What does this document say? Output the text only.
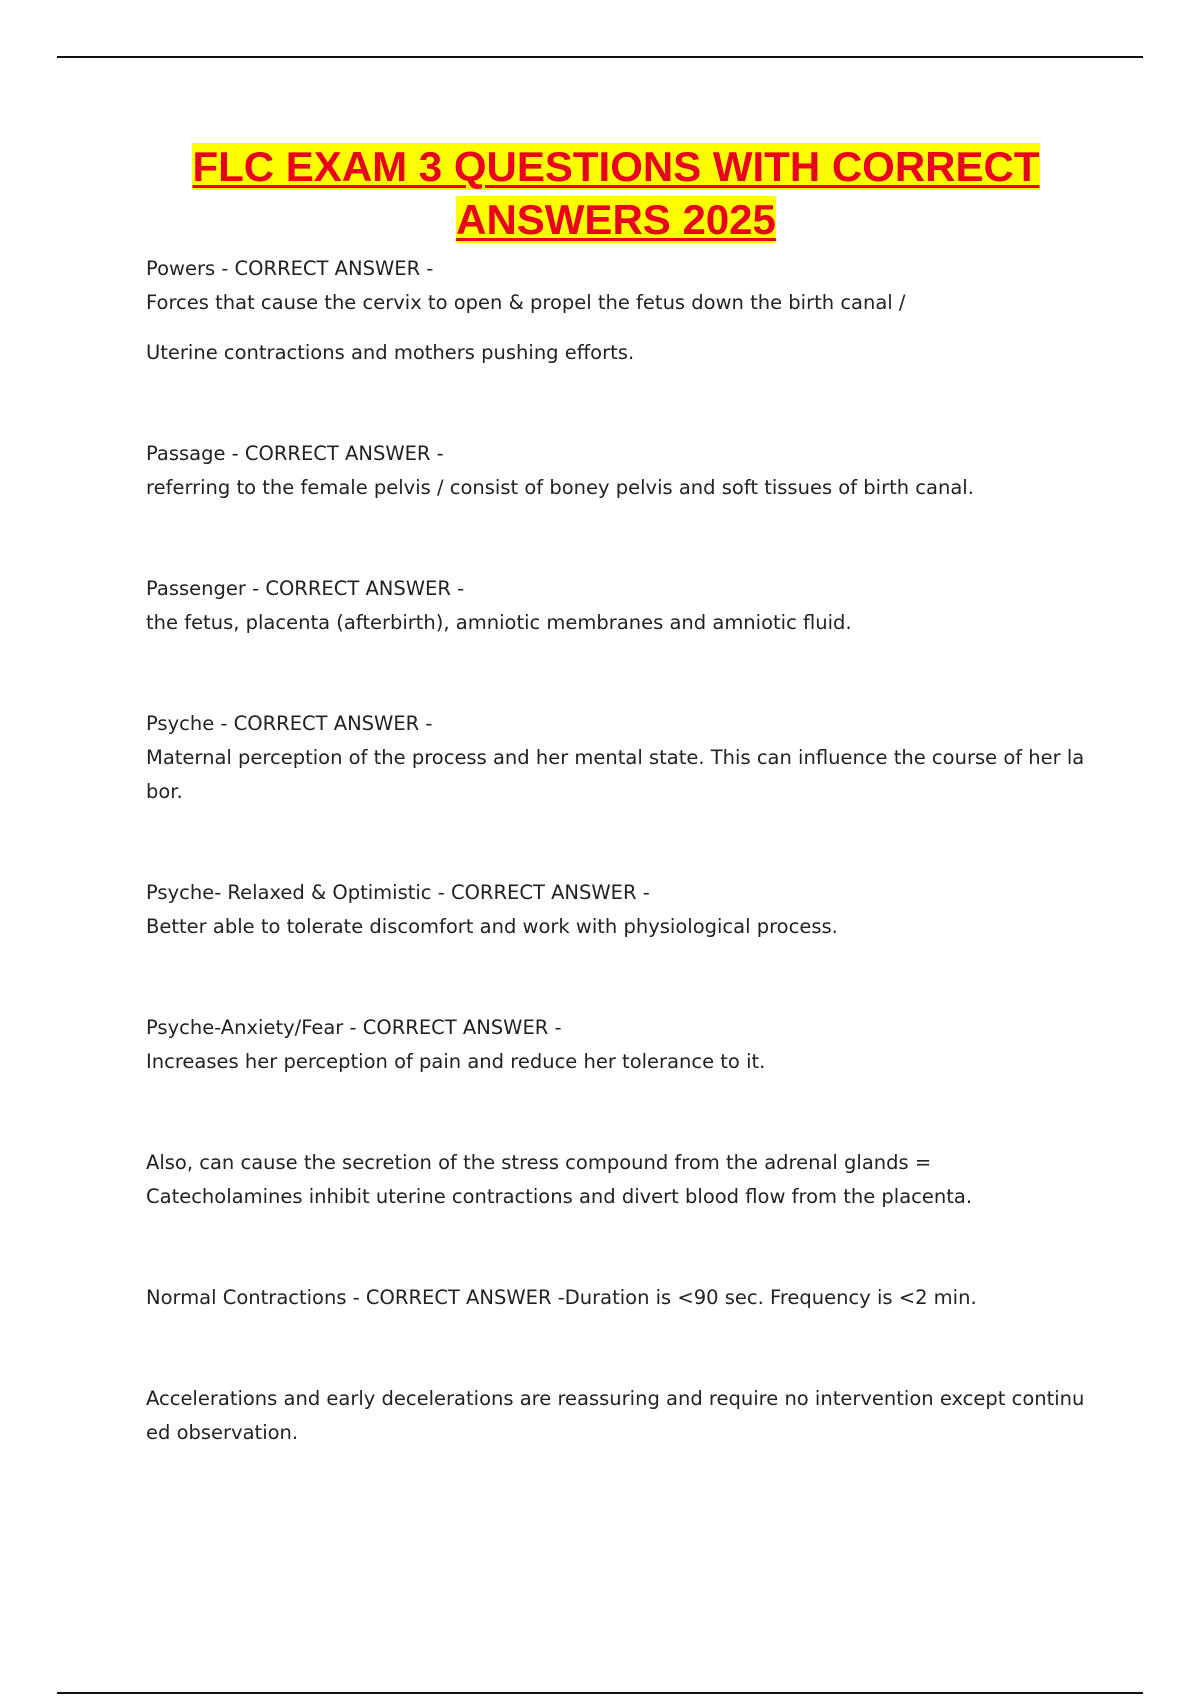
FLC EXAM 3 QUESTIONS WITH CORRECT ANSWERS 2025
Powers - CORRECT ANSWER -
Forces that cause the cervix to open & propel the fetus down the birth canal /
Uterine contractions and mothers pushing efforts.
Passage - CORRECT ANSWER -
referring to the female pelvis / consist of boney pelvis and soft tissues of birth canal.
Passenger - CORRECT ANSWER -
the fetus, placenta (afterbirth), amniotic membranes and amniotic fluid.
Psyche - CORRECT ANSWER -
Maternal perception of the process and her mental state. This can influence the course of her la bor.
Psyche- Relaxed & Optimistic - CORRECT ANSWER -
Better able to tolerate discomfort and work with physiological process.
Psyche-Anxiety/Fear - CORRECT ANSWER -
Increases her perception of pain and reduce her tolerance to it.
Also, can cause the secretion of the stress compound from the adrenal glands = Catecholamines inhibit uterine contractions and divert blood flow from the placenta.
Normal Contractions - CORRECT ANSWER -Duration is <90 sec. Frequency is <2 min.
Accelerations and early decelerations are reassuring and require no intervention except continu ed observation.
